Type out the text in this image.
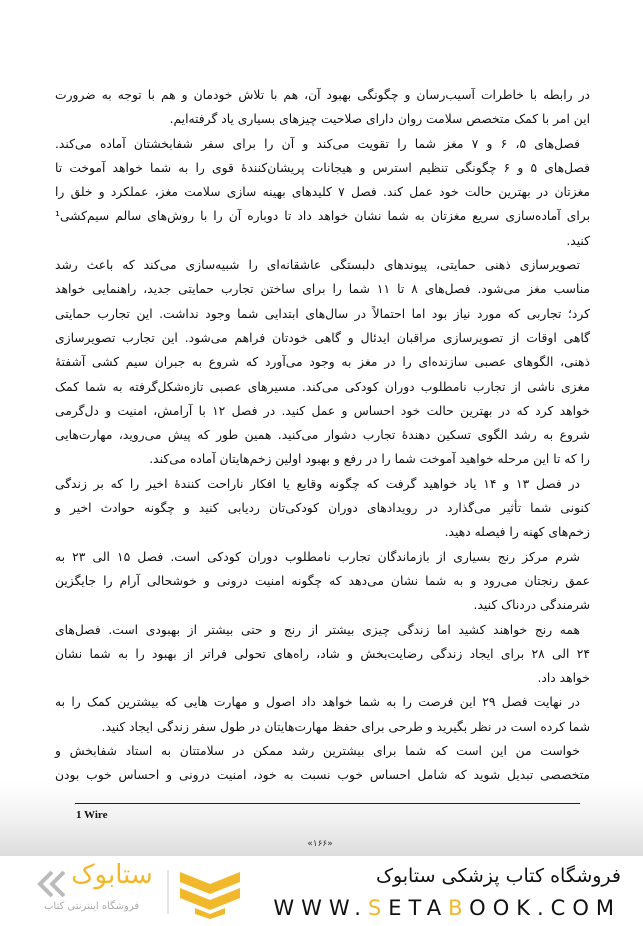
در رابطه با خاطرات آسیب‌رسان و چگونگی بهبود آن، هم با تلاش خودمان و هم با توجه به ضرورت
این امر با کمک متخصص سلامت روان دارای صلاحیت چیزهای بسیاری یاد گرفته‌ایم.
فصل‌های ۵، ۶ و ۷ مغز شما را تقویت می‌کند و آن را برای سفر شفابخشتان آماده می‌کند.
فصل‌های ۵ و ۶ چگونگی تنظیم استرس و هیجانات پریشان‌کنندهٔ قوی را به شما خواهد آموخت تا
مغزتان در بهترین حالت خود عمل کند. فصل ۷ کلیدهای بهینه سازی سلامت مغز، عملکرد و خلق را
برای آماده‌سازی سریع مغزتان به شما نشان خواهد داد تا دوباره آن را با روش‌های سالم سیم‌کشی¹
کنید.
تصویرسازی ذهنی حمایتی، پیوندهای دلبستگی عاشقانه‌ای را شبیه‌سازی می‌کند که باعث رشد
مناسب مغز می‌شود. فصل‌های ۸ تا ۱۱ شما را برای ساختن تجارب حمایتی جدید، راهنمایی خواهد
کرد؛ تجاربی که مورد نیاز بود اما احتمالاً در سال‌های ابتدایی شما وجود نداشت. این تجارب حمایتی
گاهی اوقات از تصویرسازی مراقبان ایدئال و گاهی خودتان فراهم می‌شود. این تجارب تصویرسازی
ذهنی، الگوهای عصبی سازنده‌ای را در مغز به وجود می‌آورد که شروع به جبران سیم کشی آشفتهٔ
مغزی ناشی از تجارب نامطلوب دوران کودکی می‌کند. مسیرهای عصبی تازه‌شکل‌گرفته به شما کمک
خواهد کرد که در بهترین حالت خود احساس و عمل کنید. در فصل ۱۲ با آرامش، امنیت و دل‌گرمی
شروع به رشد الگوی تسکین دهندهٔ تجارب دشوار می‌کنید. همین طور که پیش می‌روید، مهارت‌هایی
را که تا این مرحله خواهید آموخت شما را در رفع و بهبود اولین زخم‌هایتان آماده می‌کند.
در فصل ۱۳ و ۱۴ یاد خواهید گرفت که چگونه وقایع یا افکار ناراحت کنندهٔ اخیر را که بر زندگی
کنونی شما تأثیر می‌گذارد در رویدادهای دوران کودکی‌تان ردیابی کنید و چگونه حوادث اخیر و
زخم‌های کهنه را فیصله دهید.
شرم مرکز رنج بسیاری از بازماندگان تجارب نامطلوب دوران کودکی است. فصل ۱۵ الی ۲۳ به
عمق رنجتان می‌رود و به شما نشان می‌دهد که چگونه امنیت درونی و خوشحالی آرام را جایگزین
شرمندگی دردناک کنید.
همه رنج خواهند کشید اما زندگی چیزی بیشتر از رنج و حتی بیشتر از بهبودی است. فصل‌های
۲۴ الی ۲۸ برای ایجاد زندگی رضایت‌بخش و شاد، راه‌های تحولی فراتر از بهبود را به شما نشان
خواهد داد.
در نهایت فصل ۲۹ این فرصت را به شما خواهد داد اصول و مهارت هایی که بیشترین کمک را به
شما کرده است در نظر بگیرید و طرحی برای حفظ مهارت‌هایتان در طول سفر زندگی ایجاد کنید.
خواست من این است که شما برای بیشترین رشد ممکن در سلامتتان به استاد شفابخش و
متخصصی تبدیل شوید که شامل احساس خوب نسبت به خود، امنیت درونی و احساس خوب بودن
1 Wire
«۱۶۶»
ستابوک
فروشگاه اینترنتی کتاب
فروشگاه کتاب پزشکی ستابوک
WWW.SETABOOK.COM
